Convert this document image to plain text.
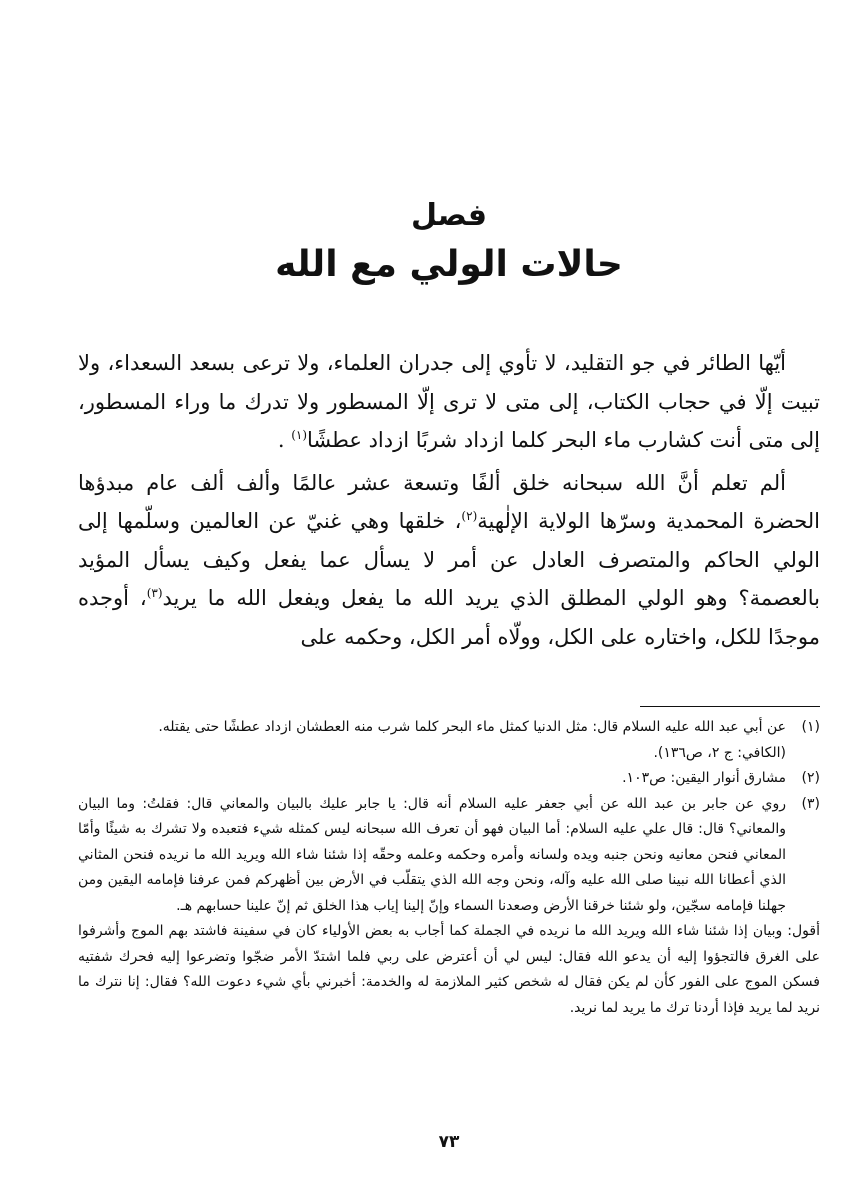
فصل
حالات الولي مع الله

أيّها الطائر في جو التقليد، لا تأوي إلى جدران العلماء، ولا ترعى بسعد السعداء، ولا تبيت إلّا في حجاب الكتاب، إلى متى لا ترى إلّا المسطور ولا تدرك ما وراء المسطور، إلى متى أنت كشارب ماء البحر كلما ازداد شربًا ازداد عطشًا$^{(١)}$ .

ألم تعلم أنَّ الله سبحانه خلق ألفًا وتسعة عشر عالمًا وألف ألف عام مبدؤها الحضرة المحمدية وسرّها الولاية الإلٰهية$^{(٢)}$، خلقها وهي غنيّ عن العالمين وسلّمها إلى الولي الحاكم والمتصرف العادل عن أمر لا يسأل عما يفعل وكيف يسأل المؤيد بالعصمة؟ وهو الولي المطلق الذي يريد الله ما يفعل ويفعل الله ما يريد$^{(٣)}$، أوجده موجدًا للكل، واختاره على الكل، وولّاه أمر الكل، وحكمه على

(١)
عن أبي عبد الله عليه السلام قال: مثل الدنيا كمثل ماء البحر كلما شرب منه العطشان ازداد عطشًا حتى يقتله.
(الكافي: ج ٢، ص١٣٦).
(٢)
مشارق أنوار اليقين: ص١٠٣.
(٣)
روي عن جابر بن عبد الله عن أبي جعفر عليه السلام أنه قال: يا جابر عليك بالبيان والمعاني قال: فقلتُ: وما البيان والمعاني؟ قال: قال علي عليه السلام: أما البيان فهو أن تعرف الله سبحانه ليس كمثله شيء فتعبده ولا تشرك به شيئًا وأمّا المعاني فنحن معانيه ونحن جنبه ويده ولسانه وأمره وحكمه وعلمه وحقّه إذا شئنا شاء الله ويريد الله ما نريده فنحن المثاني الذي أعطانا الله نبينا صلى الله عليه وآله، ونحن وجه الله الذي يتقلّب في الأرض بين أظهركم فمن عرفنا فإمامه اليقين ومن جهلنا فإمامه سجّين، ولو شئنا خرقنا الأرض وصعدنا السماء وإنّ إلينا إياب هذا الخلق ثم إنّ علينا حسابهم هـ.
أقول: وبيان إذا شئنا شاء الله ويريد الله ما نريده في الجملة كما أجاب به بعض الأولياء كان في سفينة فاشتد بهم الموج وأشرفوا على الغرق فالتجؤوا إليه أن يدعو الله فقال: ليس لي أن أعترض على ربي فلما اشتدّ الأمر ضجّوا وتضرعوا إليه فحرك شفتيه فسكن الموج على الفور كأن لم يكن فقال له شخص كثير الملازمة له والخدمة: أخبرني بأي شيء دعوت الله؟ فقال: إنا نترك ما نريد لما يريد فإذا أردنا ترك ما يريد لما نريد.
٧٣
